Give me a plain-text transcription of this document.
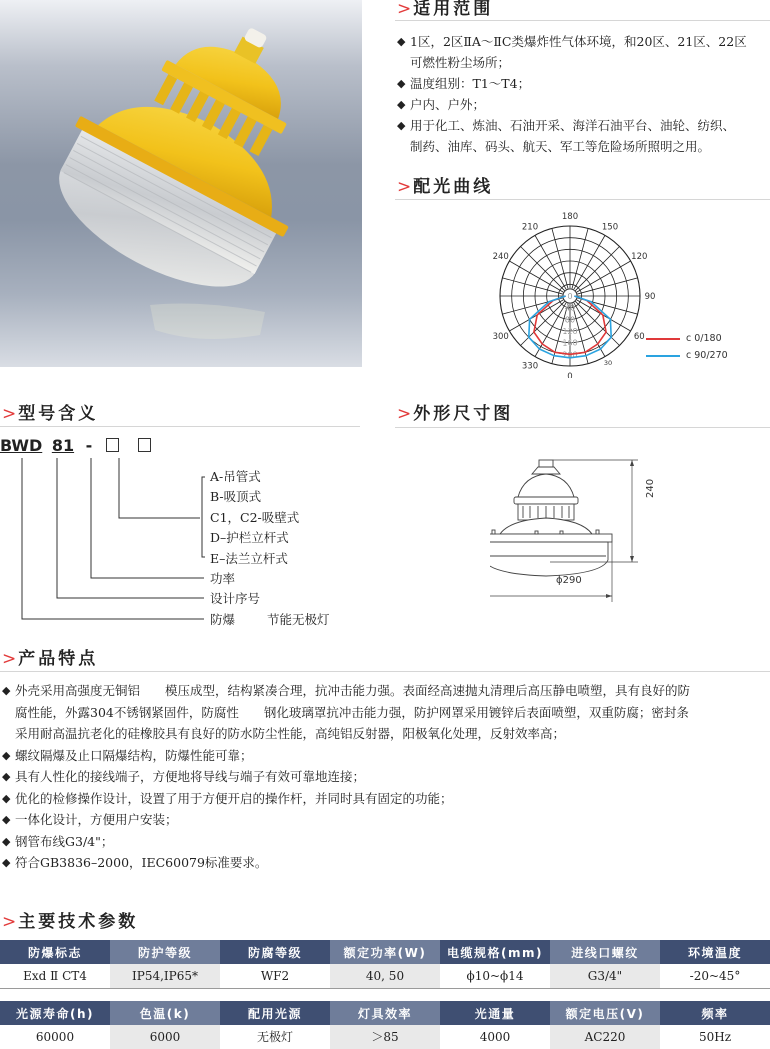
> 适用范围
◆ 1区，2区ⅡA～ⅡC类爆炸性气体环境，和20区、21区、22区
可燃性粉尘场所；
◆ 温度组别：T1～T4；
◆ 户内、户外；
◆ 用于化工、炼油、石油开采、海洋石油平台、油轮、纺织、
制药、油库、码头、航天、军工等危险场所照明之用。
> 配光曲线
180
150
120
90
60
30
0
330
300
240
210
0
40
80
120
160
200
c 0/180
c 90/270
> 型号含义
BWD 81 -
A-吊管式
B-吸顶式
C1，C2-吸壁式
D–护栏立杆式
E–法兰立杆式
功率
设计序号
防爆	节能无极灯
> 外形尺寸图
240
ϕ290
> 产品特点
◆ 外壳采用高强度无铜铝　　模压成型，结构紧凑合理，抗冲击能力强。表面经高速抛丸清理后高压静电喷塑，具有良好的防
腐性能，外露304不锈钢紧固件，防腐性　　钢化玻璃罩抗冲击能力强，防护网罩采用镀锌后表面喷塑，双重防腐；密封条
采用耐高温抗老化的硅橡胶具有良好的防水防尘性能，高纯铝反射器，阳极氧化处理，反射效率高；
◆ 螺纹隔爆及止口隔爆结构，防爆性能可靠；
◆ 具有人性化的接线端子，方便地将导线与端子有效可靠地连接；
◆ 优化的检修操作设计，设置了用于方便开启的操作杆，并同时具有固定的功能；
◆ 一体化设计，方便用户安装；
◆ 钢管布线G3/4"；
◆ 符合GB3836–2000，IEC60079标准要求。
> 主要技术参数
防爆标志	防护等级	防腐等级	额定功率(W)	电缆规格(mm)	进线口螺纹	环境温度
Exd Ⅱ CT4	IP54,IP65*	WF2	40, 50	ϕ10~ϕ14	G3/4"	-20~45°
光源寿命(h)	色温(k)	配用光源	灯具效率	光通量	额定电压(V)	频率
60000	6000	无极灯	＞85	4000	AC220	50Hz
